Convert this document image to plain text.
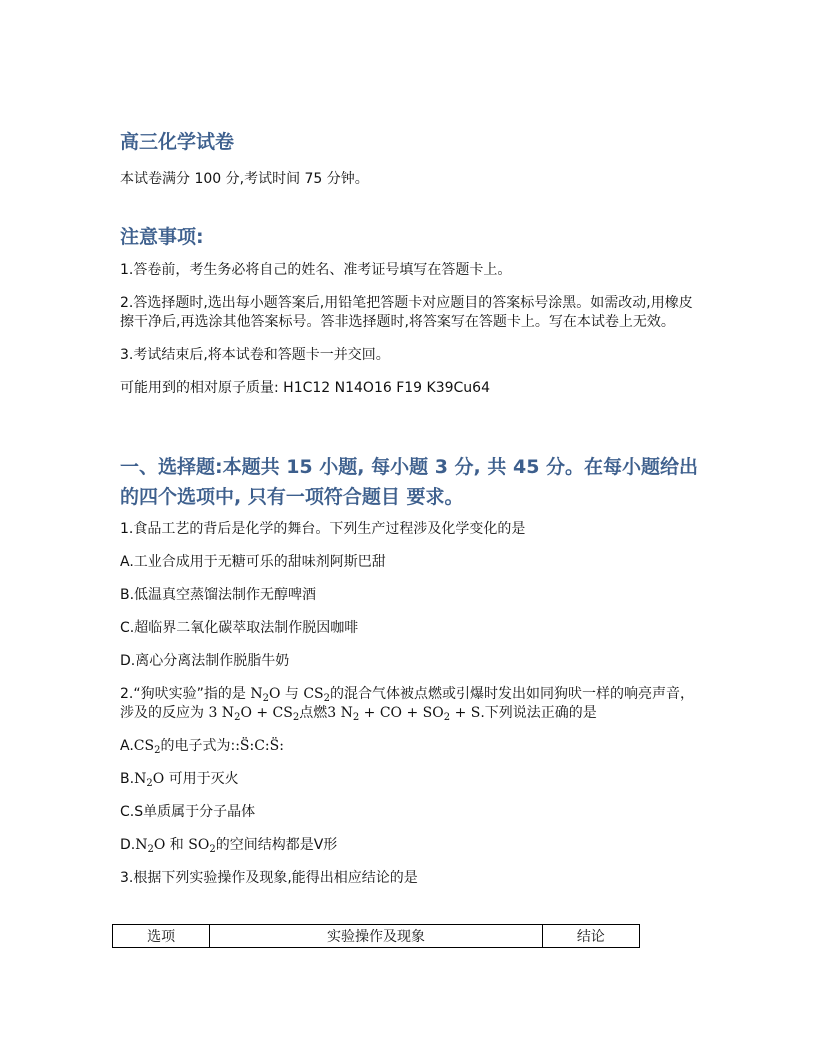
高三化学试卷
本试卷满分 100 分,考试时间 75 分钟。
注意事项:
1.答卷前，考生务必将自己的姓名、准考证号填写在答题卡上。
2.答选择题时,选出每小题答案后,用铅笔把答题卡对应题目的答案标号涂黑。如需改动,用橡皮擦干净后,再选涂其他答案标号。答非选择题时,将答案写在答题卡上。写在本试卷上无效。
3.考试结束后,将本试卷和答题卡一并交回。
可能用到的相对原子质量: H1C12 N14O16 F19 K39Cu64
一、选择题:本题共 15 小题, 每小题 3 分, 共 45 分。在每小题给出的四个选项中, 只有一项符合题目 要求。
1.食品工艺的背后是化学的舞台。下列生产过程涉及化学变化的是
A.工业合成用于无糖可乐的甜味剂阿斯巴甜
B.低温真空蒸馏法制作无醇啤酒
C.超临界二氧化碳萃取法制作脱因咖啡
D.离心分离法制作脱脂牛奶
2.“狗吠实验”指的是 $N_2O$ 与 $CS_2$的混合气体被点燃或引爆时发出如同狗吠一样的响亮声音，涉及的反应为 3 $N_2O + CS_2$点燃3 $N_2$ + CO + $SO_2 + S$.下列说法正确的是
$A.CS_2$的电子式为::S̈:C:S̈:
$B.N_2O$ 可用于灭火
C.S单质属于分子晶体
$D.N_2O$ 和 $SO_2$的空间结构都是V形
3.根据下列实验操作及现象,能得出相应结论的是
选项	实验操作及现象	结论
